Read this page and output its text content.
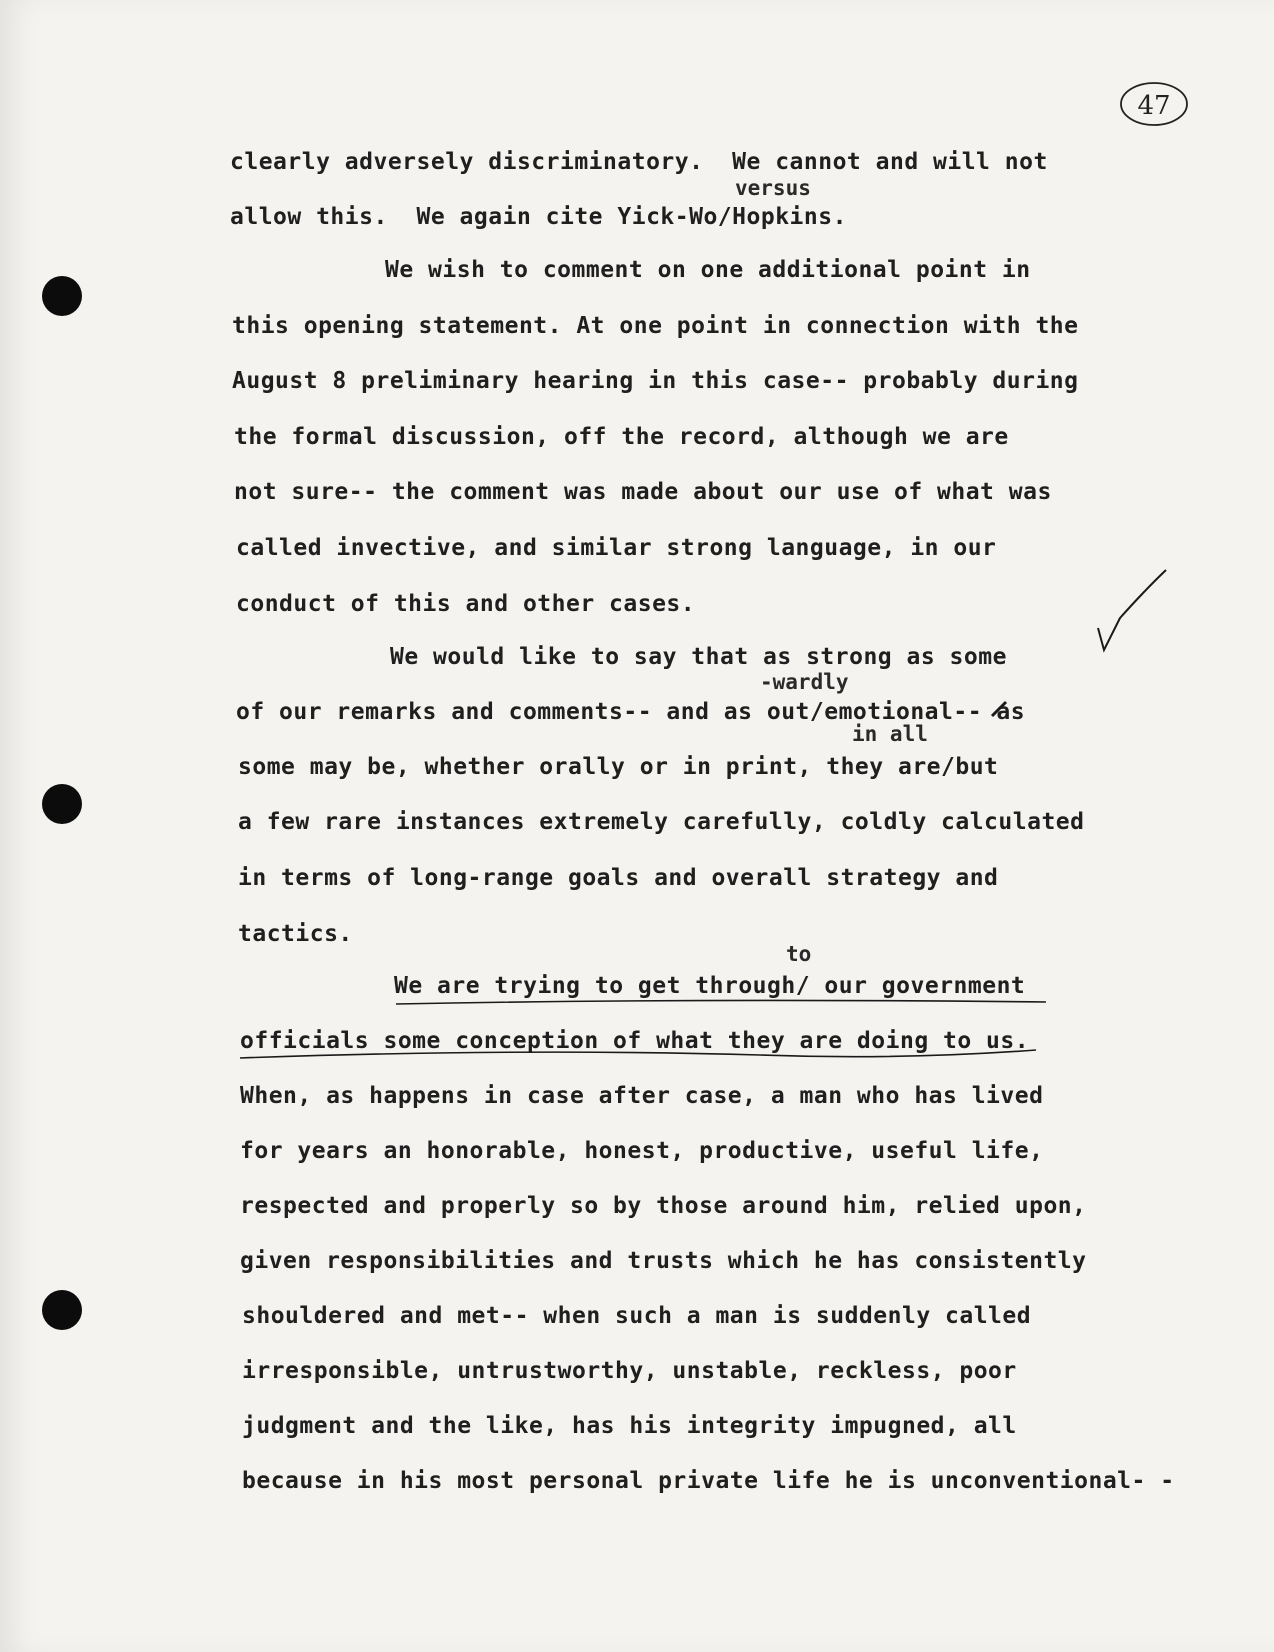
47
clearly adversely discriminatory.  We cannot and will not
versus
allow this.  We again cite Yick-Wo/Hopkins.
We wish to comment on one additional point in
this opening statement. At one point in connection with the
August 8 preliminary hearing in this case-- probably during
the formal discussion, off the record, although we are
not sure-- the comment was made about our use of what was
called invective, and similar strong language, in our
conduct of this and other cases.
We would like to say that as strong as some
-wardly
of our remarks and comments-- and as out/emotional-- as
in all
some may be, whether orally or in print, they are/but
a few rare instances extremely carefully, coldly calculated
in terms of long-range goals and overall strategy and
tactics.
to
We are trying to get through/ our government
officials some conception of what they are doing to us.
When, as happens in case after case, a man who has lived
for years an honorable, honest, productive, useful life,
respected and properly so by those around him, relied upon,
given responsibilities and trusts which he has consistently
shouldered and met-- when such a man is suddenly called
irresponsible, untrustworthy, unstable, reckless, poor
judgment and the like, has his integrity impugned, all
because in his most personal private life he is unconventional- -
